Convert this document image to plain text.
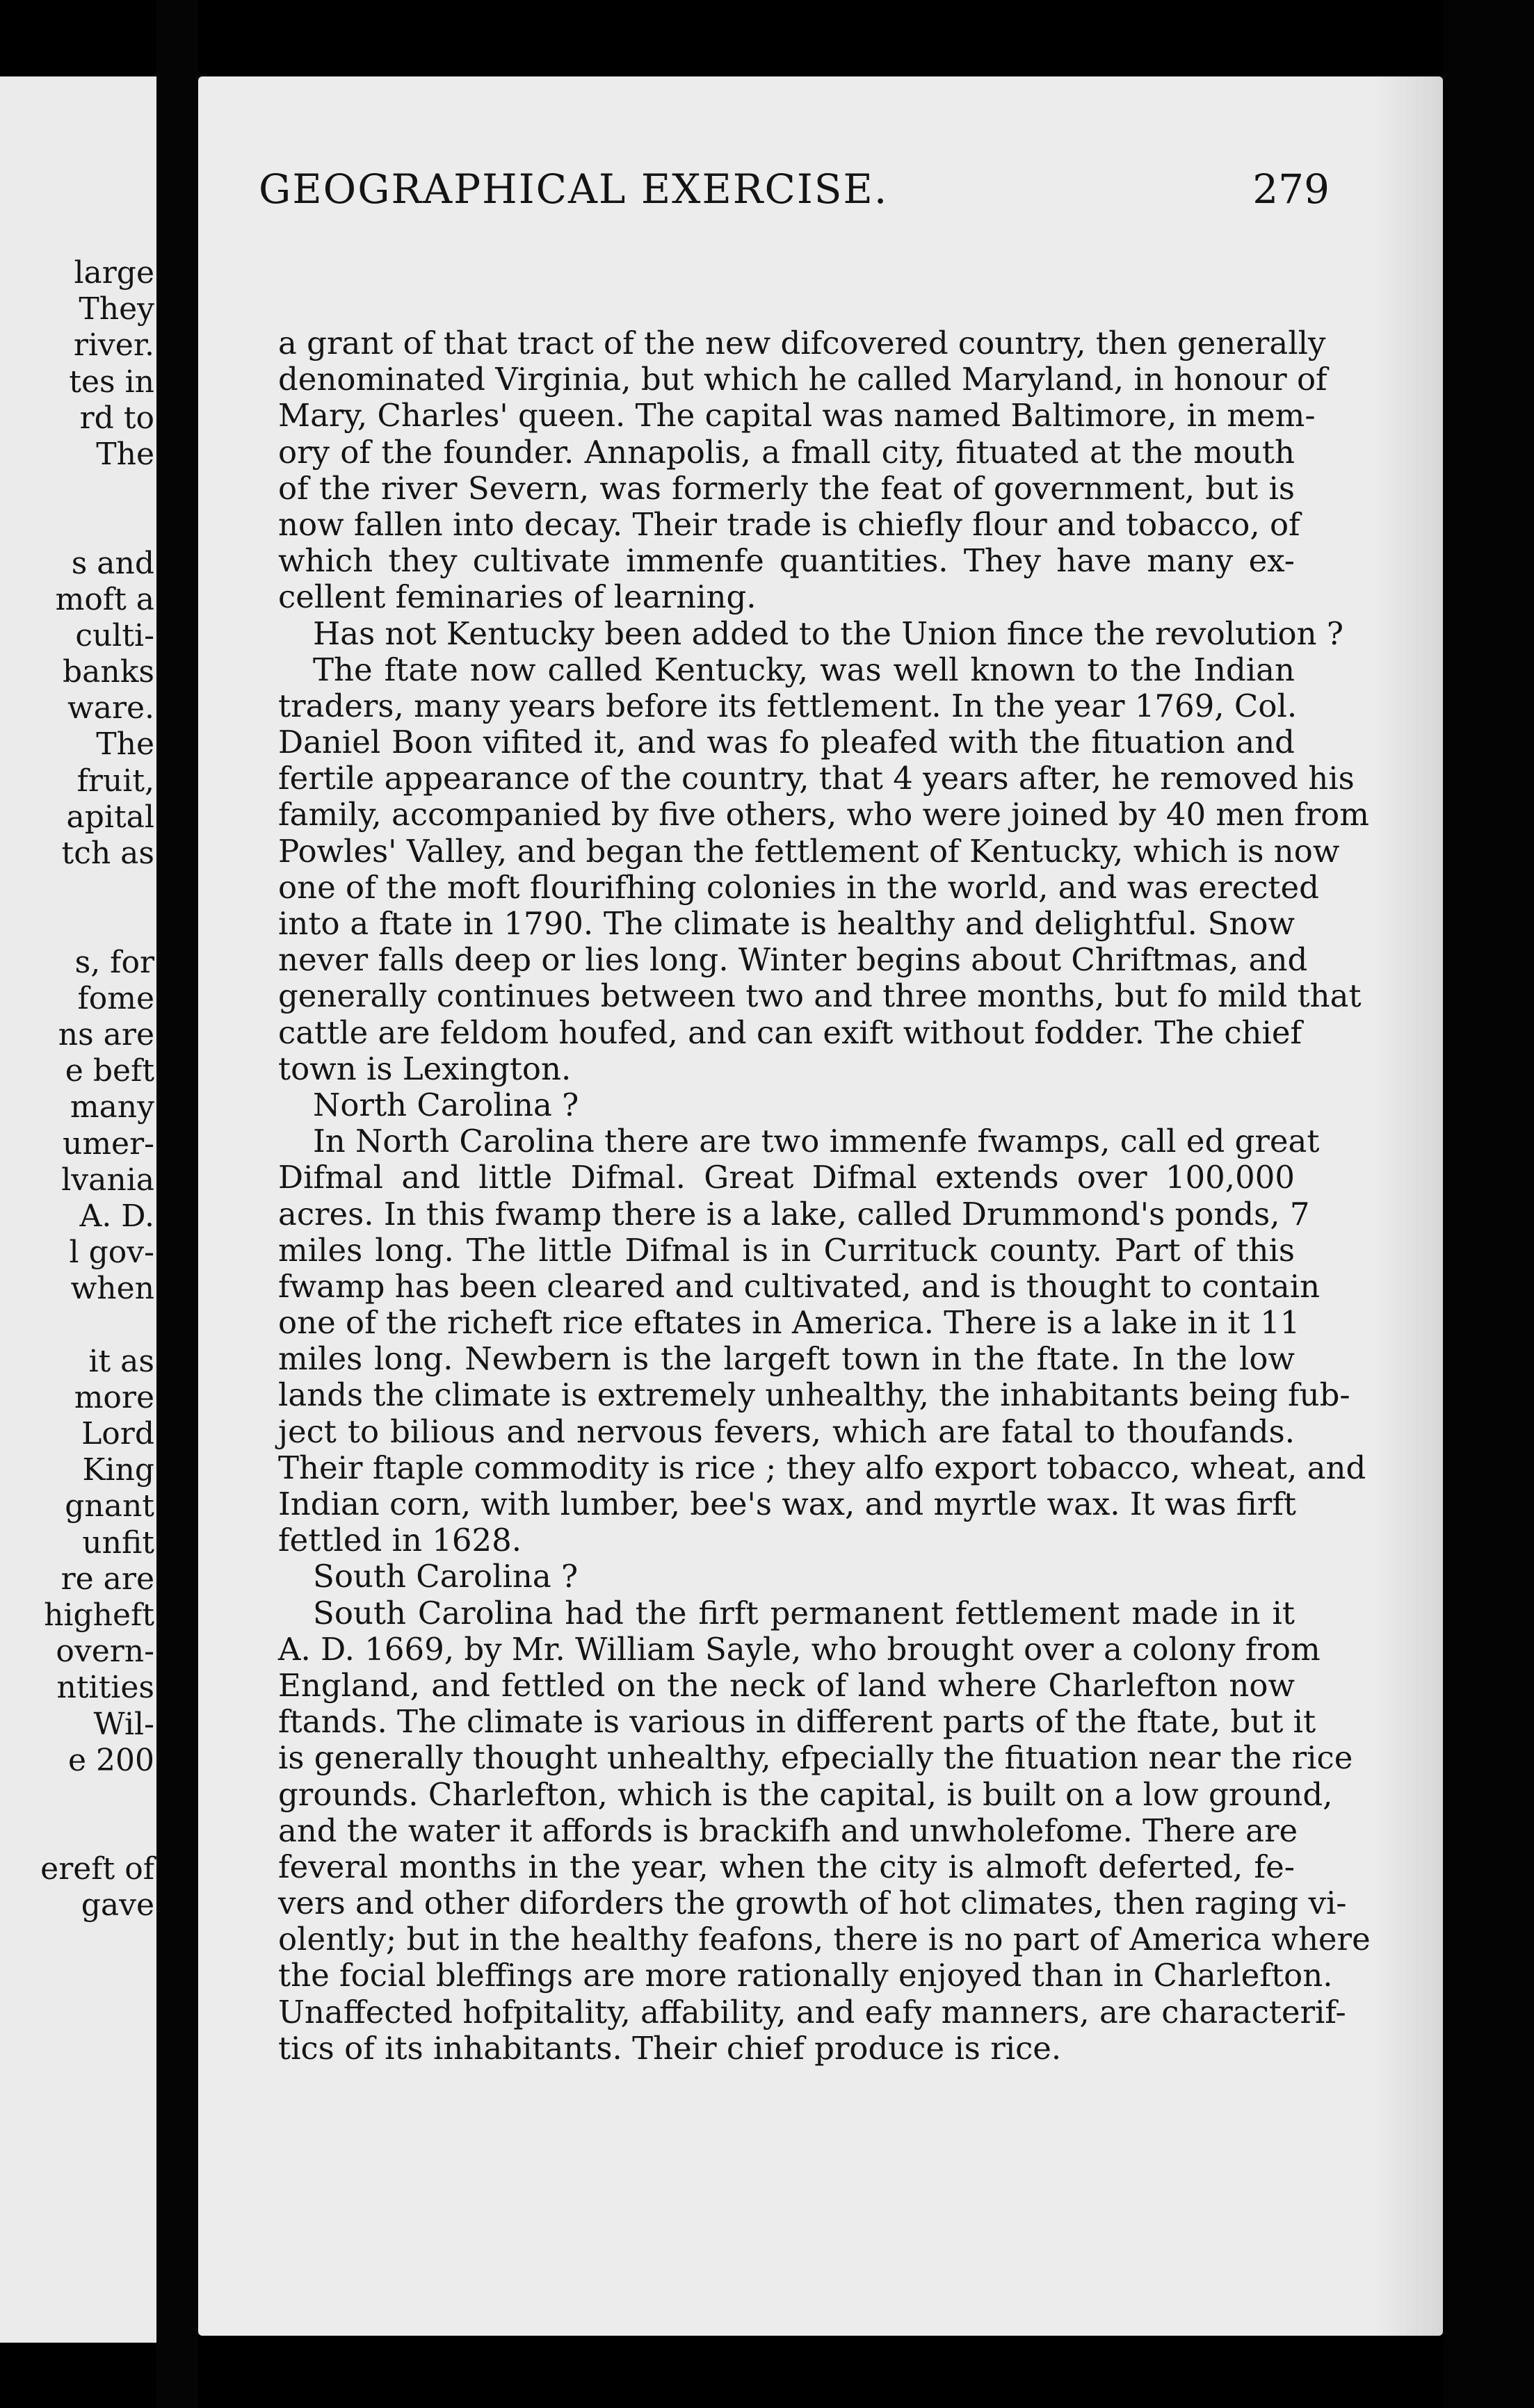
large
They
river.
tes in
rd to
The
s and
moft a
culti-
banks
ware.
The
fruit,
apital
tch as
s, for
fome
ns are
e beft
many
umer-
lvania
A. D.
l gov-
when
it as
more
Lord
King
gnant
unfit
re are
higheft
overn-
ntities
Wil-
e 200
ereft of
gave
GEOGRAPHICAL EXERCISE.	279
a grant of that tract of the new difcovered country, then generally
denominated Virginia, but which he called Maryland, in honour of
Mary, Charles' queen. The capital was named Baltimore, in mem-
ory of the founder. Annapolis, a fmall city, fituated at the mouth
of the river Severn, was formerly the feat of government, but is
now fallen into decay. Their trade is chiefly flour and tobacco, of
which they cultivate immenfe quantities. They have many ex-
cellent feminaries of learning.
Has not Kentucky been added to the Union fince the revolution ?
The ftate now called Kentucky, was well known to the Indian
traders, many years before its fettlement. In the year 1769, Col.
Daniel Boon vifited it, and was fo pleafed with the fituation and
fertile appearance of the country, that 4 years after, he removed his
family, accompanied by five others, who were joined by 40 men from
Powles' Valley, and began the fettlement of Kentucky, which is now
one of the moft flourifhing colonies in the world, and was erected
into a ftate in 1790. The climate is healthy and delightful. Snow
never falls deep or lies long. Winter begins about Chriftmas, and
generally continues between two and three months, but fo mild that
cattle are feldom houfed, and can exift without fodder. The chief
town is Lexington.
North Carolina ?
In North Carolina there are two immenfe fwamps, call ed great
Difmal and little Difmal. Great Difmal extends over 100,000
acres. In this fwamp there is a lake, called Drummond's ponds, 7
miles long. The little Difmal is in Currituck county. Part of this
fwamp has been cleared and cultivated, and is thought to contain
one of the richeft rice eftates in America. There is a lake in it 11
miles long. Newbern is the largeft town in the ftate. In the low
lands the climate is extremely unhealthy, the inhabitants being fub-
ject to bilious and nervous fevers, which are fatal to thoufands.
Their ftaple commodity is rice ; they alfo export tobacco, wheat, and
Indian corn, with lumber, bee's wax, and myrtle wax. It was firft
fettled in 1628.
South Carolina ?
South Carolina had the firft permanent fettlement made in it
A. D. 1669, by Mr. William Sayle, who brought over a colony from
England, and fettled on the neck of land where Charlefton now
ftands. The climate is various in different parts of the ftate, but it
is generally thought unhealthy, efpecially the fituation near the rice
grounds. Charlefton, which is the capital, is built on a low ground,
and the water it affords is brackifh and unwholefome. There are
feveral months in the year, when the city is almoft deferted, fe-
vers and other diforders the growth of hot climates, then raging vi-
olently; but in the healthy feafons, there is no part of America where
the focial bleffings are more rationally enjoyed than in Charlefton.
Unaffected hofpitality, affability, and eafy manners, are characterif-
tics of its inhabitants. Their chief produce is rice.
